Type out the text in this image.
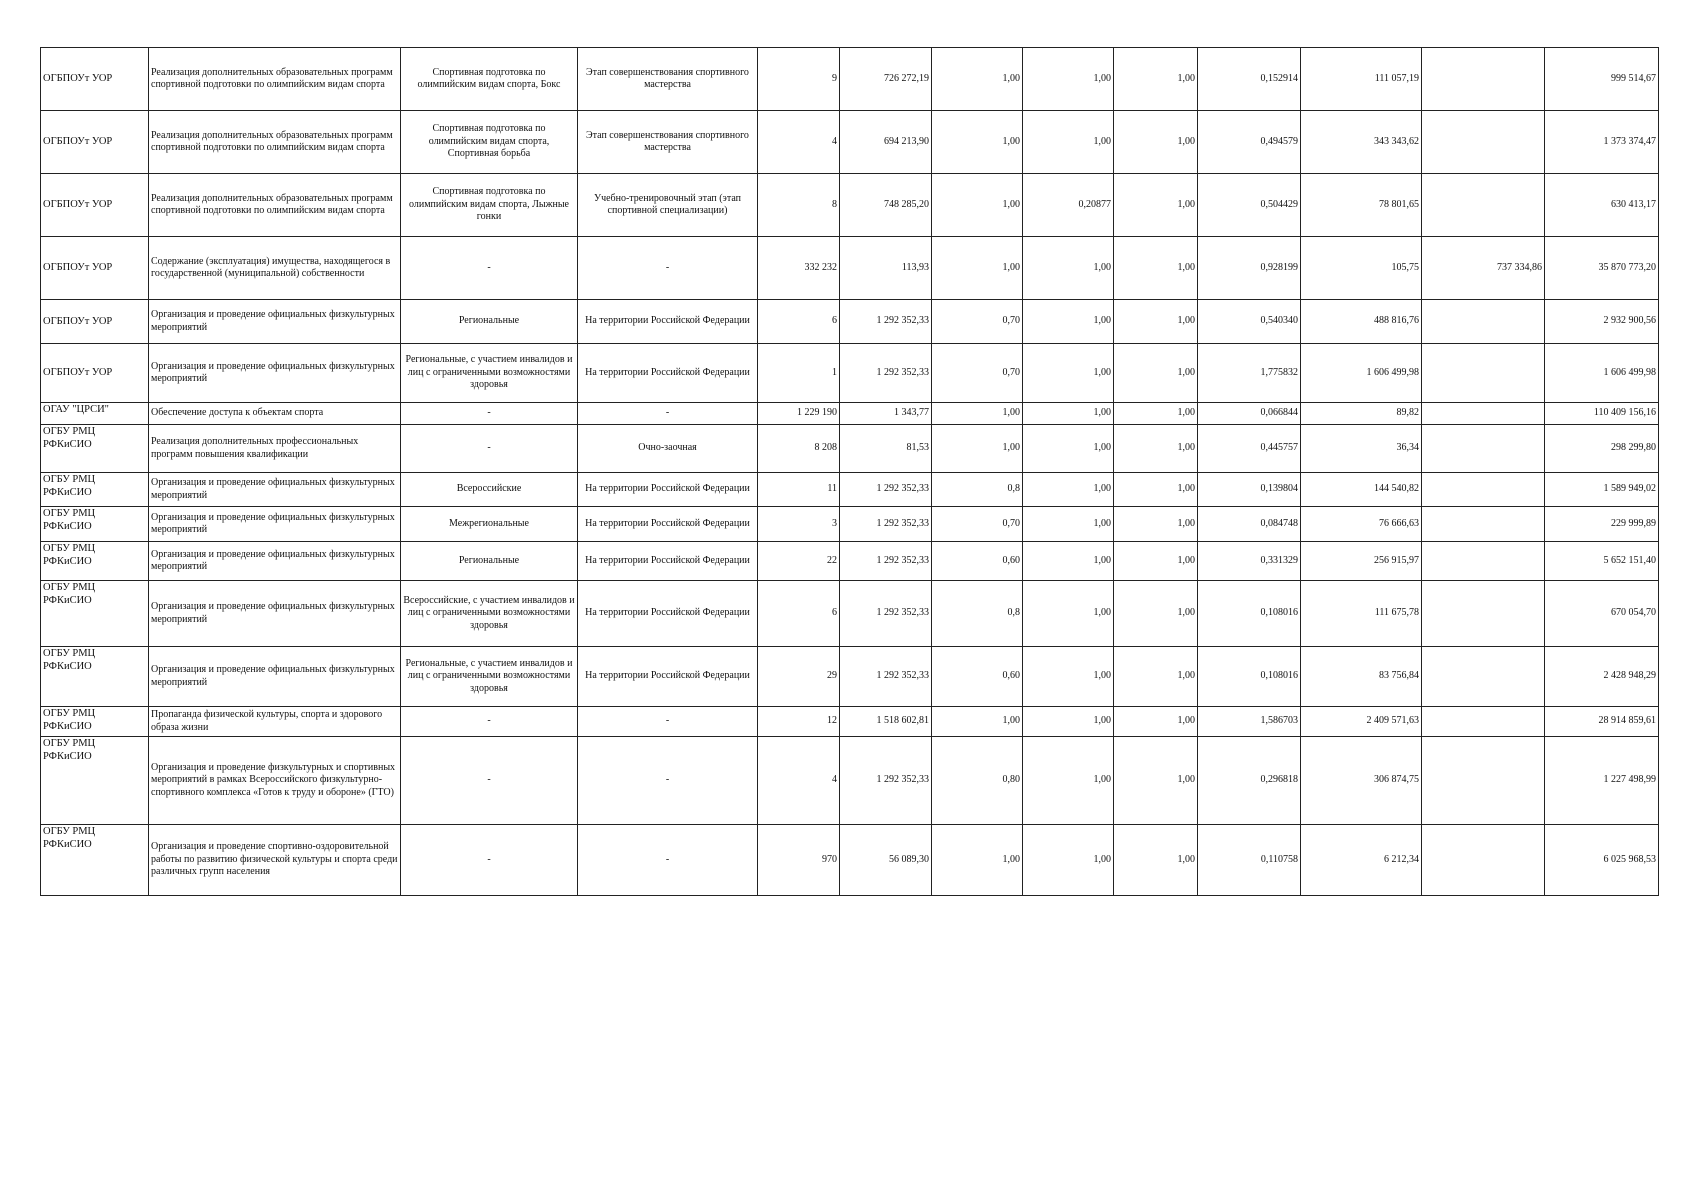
ОГБПОУт УОР	Реализация дополнительных образовательных программ спортивной подготовки по олимпийским видам спорта	Спортивная подготовка по олимпийским видам спорта, Бокс	Этап совершенствования спортивного мастерства	9	726 272,19	1,00	1,00	1,00	0,152914	111 057,19		999 514,67
ОГБПОУт УОР	Реализация дополнительных образовательных программ спортивной подготовки по олимпийским видам спорта	Спортивная подготовка по олимпийским видам спорта, Спортивная борьба	Этап совершенствования спортивного мастерства	4	694 213,90	1,00	1,00	1,00	0,494579	343 343,62		1 373 374,47
ОГБПОУт УОР	Реализация дополнительных образовательных программ спортивной подготовки по олимпийским видам спорта	Спортивная подготовка по олимпийским видам спорта, Лыжные гонки	Учебно-тренировочный этап (этап спортивной специализации)	8	748 285,20	1,00	0,20877	1,00	0,504429	78 801,65		630 413,17
ОГБПОУт УОР	Содержание (эксплуатация) имущества, находящегося в государственной (муниципальной) собственности	-	-	332 232	113,93	1,00	1,00	1,00	0,928199	105,75	737 334,86	35 870 773,20
ОГБПОУт УОР	Организация и проведение официальных физкультурных мероприятий	Региональные	На территории Российской Федерации	6	1 292 352,33	0,70	1,00	1,00	0,540340	488 816,76		2 932 900,56
ОГБПОУт УОР	Организация и проведение официальных физкультурных мероприятий	Региональные, с участием инвалидов и лиц с ограниченными возможностями здоровья	На территории Российской Федерации	1	1 292 352,33	0,70	1,00	1,00	1,775832	1 606 499,98		1 606 499,98
ОГАУ "ЦРСИ"	Обеспечение доступа к объектам спорта	-	-	1 229 190	1 343,77	1,00	1,00	1,00	0,066844	89,82		110 409 156,16
ОГБУ РМЦ РФКиСИО	Реализация дополнительных профессиональных программ повышения квалификации	-	Очно-заочная	8 208	81,53	1,00	1,00	1,00	0,445757	36,34		298 299,80
ОГБУ РМЦ РФКиСИО	Организация и проведение официальных физкультурных мероприятий	Всероссийские	На территории Российской Федерации	11	1 292 352,33	0,8	1,00	1,00	0,139804	144 540,82		1 589 949,02
ОГБУ РМЦ РФКиСИО	Организация и проведение официальных физкультурных мероприятий	Межрегиональные	На территории Российской Федерации	3	1 292 352,33	0,70	1,00	1,00	0,084748	76 666,63		229 999,89
ОГБУ РМЦ РФКиСИО	Организация и проведение официальных физкультурных мероприятий	Региональные	На территории Российской Федерации	22	1 292 352,33	0,60	1,00	1,00	0,331329	256 915,97		5 652 151,40
ОГБУ РМЦ РФКиСИО	Организация и проведение официальных физкультурных мероприятий	Всероссийские, с участием инвалидов и лиц с ограниченными возможностями здоровья	На территории Российской Федерации	6	1 292 352,33	0,8	1,00	1,00	0,108016	111 675,78		670 054,70
ОГБУ РМЦ РФКиСИО	Организация и проведение официальных физкультурных мероприятий	Региональные, с участием инвалидов и лиц с ограниченными возможностями здоровья	На территории Российской Федерации	29	1 292 352,33	0,60	1,00	1,00	0,108016	83 756,84		2 428 948,29
ОГБУ РМЦ РФКиСИО	Пропаганда физической культуры, спорта и здорового образа жизни	-	-	12	1 518 602,81	1,00	1,00	1,00	1,586703	2 409 571,63		28 914 859,61
ОГБУ РМЦ РФКиСИО	Организация и проведение физкультурных и спортивных мероприятий в рамках Всероссийского физкультурно-спортивного комплекса «Готов к труду и обороне» (ГТО)	-	-	4	1 292 352,33	0,80	1,00	1,00	0,296818	306 874,75		1 227 498,99
ОГБУ РМЦ РФКиСИО	Организация и проведение спортивно-оздоровительной работы по развитию физической культуры и спорта среди различных групп населения	-	-	970	56 089,30	1,00	1,00	1,00	0,110758	6 212,34		6 025 968,53
